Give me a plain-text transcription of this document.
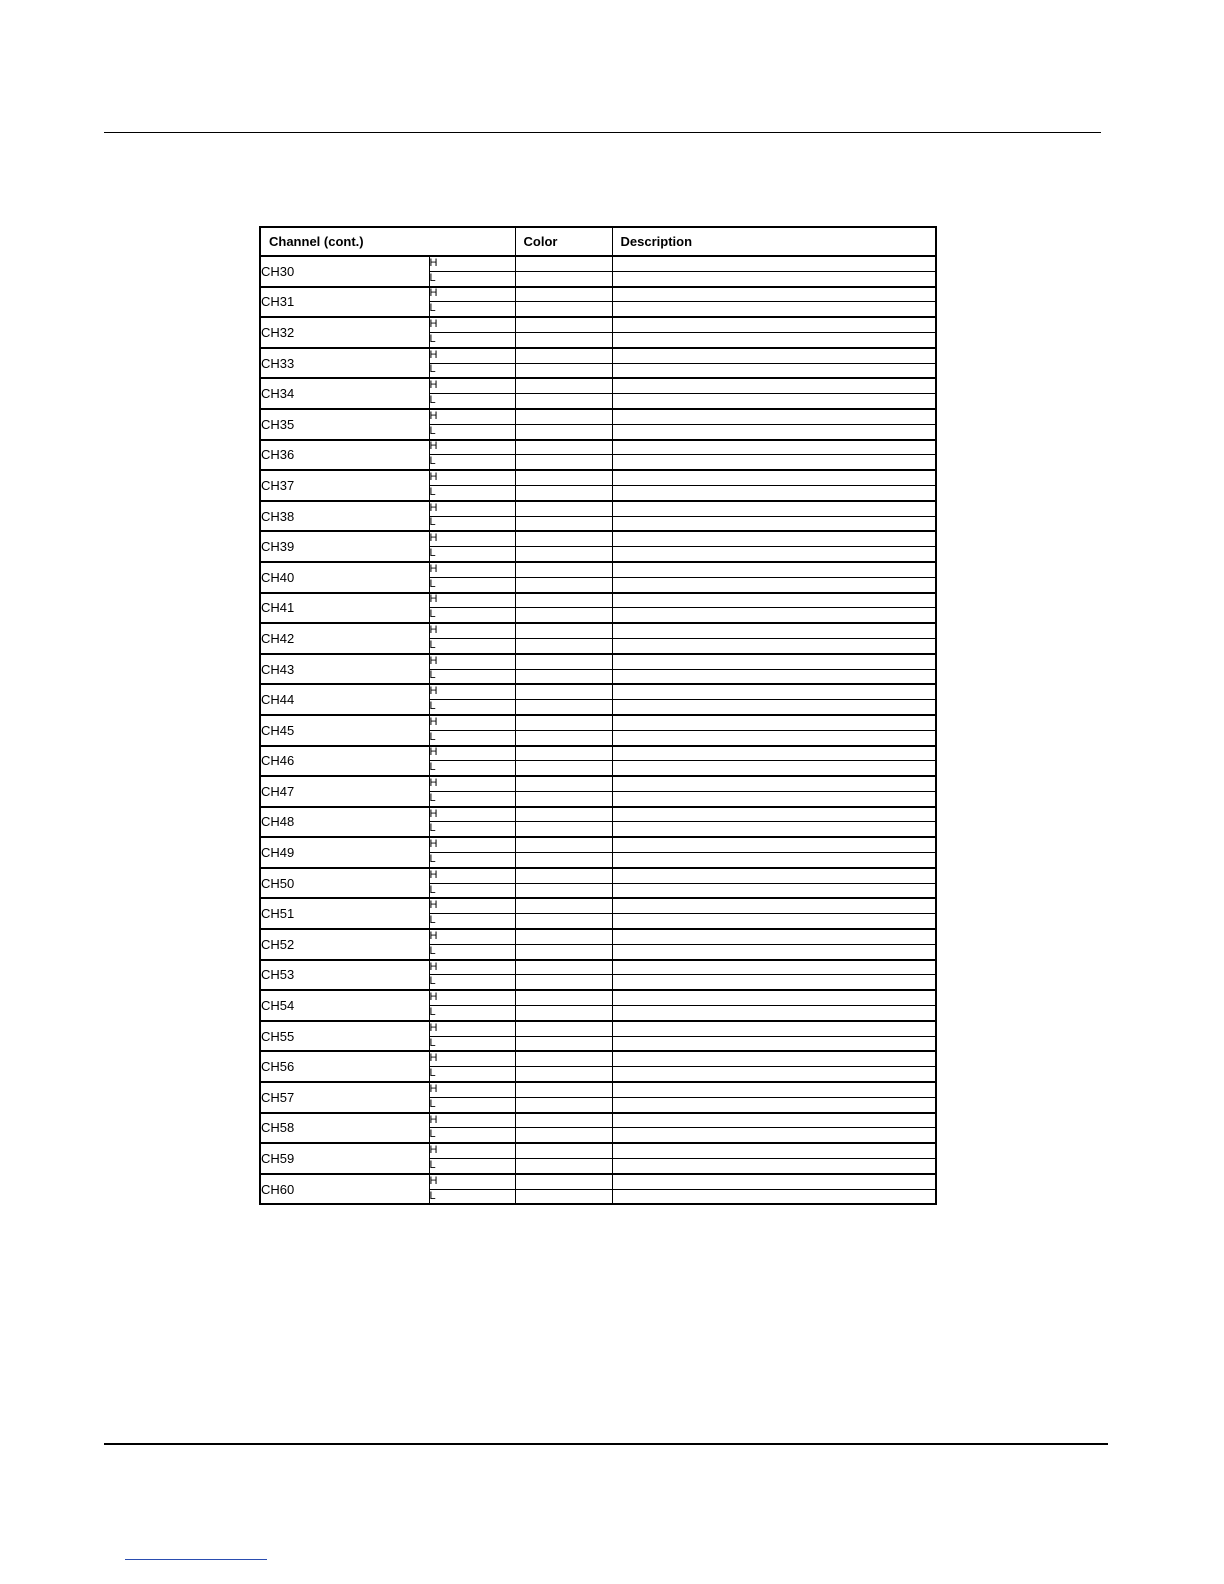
Channel (cont.)		Color	Description
CH30	H		
	L		
CH31	H		
	L		
CH32	H		
	L		
CH33	H		
	L		
CH34	H		
	L		
CH35	H		
	L		
CH36	H		
	L		
CH37	H		
	L		
CH38	H		
	L		
CH39	H		
	L		
CH40	H		
	L		
CH41	H		
	L		
CH42	H		
	L		
CH43	H		
	L		
CH44	H		
	L		
CH45	H		
	L		
CH46	H		
	L		
CH47	H		
	L		
CH48	H		
	L		
CH49	H		
	L		
CH50	H		
	L		
CH51	H		
	L		
CH52	H		
	L		
CH53	H		
	L		
CH54	H		
	L		
CH55	H		
	L		
CH56	H		
	L		
CH57	H		
	L		
CH58	H		
	L		
CH59	H		
	L		
CH60	H		
	L		
